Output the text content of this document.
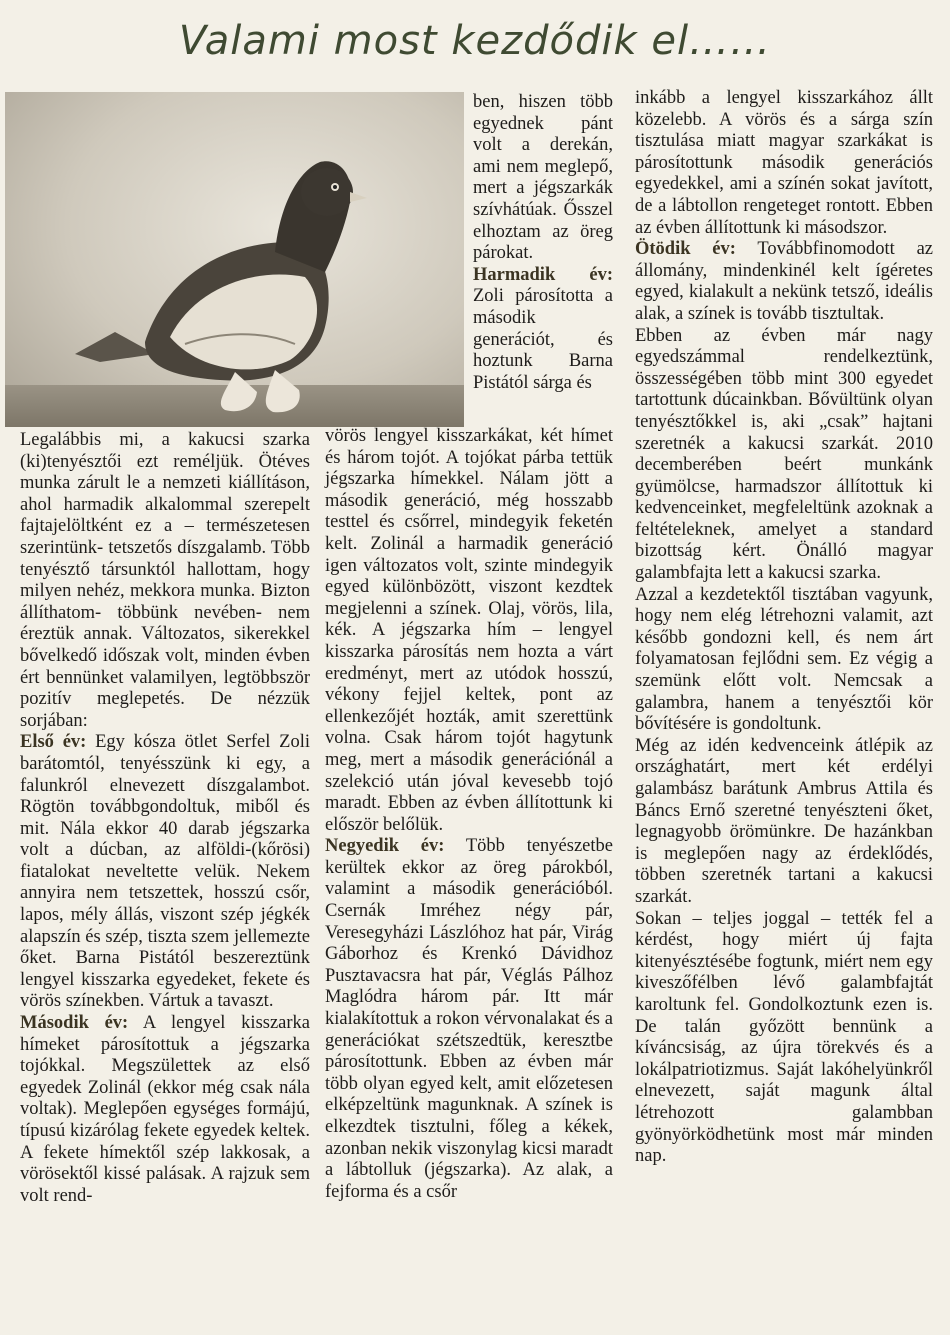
Valami most kezdődik el……

Legalábbis mi, a kakucsi szarka (ki)tenyésztői ezt reméljük. Ötéves munka zárult le a nemzeti kiállításon, ahol harmadik alkalommal szerepelt fajtajelöltként ez a – természetesen szerintünk- tetszetős díszgalamb. Több tenyésztő társunktól hallottam, hogy milyen nehéz, mekkora munka. Bizton állíthatom- többünk nevében- nem éreztük annak. Változatos, sikerekkel bővelkedő időszak volt, minden évben ért bennünket valamilyen, legtöbbször pozitív meglepetés. De nézzük sorjában:

Első év: Egy kósza ötlet Serfel Zoli barátomtól, tenyésszünk ki egy, a falunkról elnevezett díszgalambot. Rögtön továbbgondoltuk, miből és mit. Nála ekkor 40 darab jégszarka volt a dúcban, az alföldi-(kőrösi) fiatalokat neveltette velük. Nekem annyira nem tetszettek, hosszú csőr, lapos, mély állás, viszont szép jégkék alapszín és szép, tiszta szem jellemezte őket. Barna Pistától beszereztünk lengyel kisszarka egyedeket, fekete és vörös színekben. Vártuk a tavaszt.

Második év: A lengyel kisszarka hímeket párosítottuk a jégszarka tojókkal. Megszülettek az első egyedek Zolinál (ekkor még csak nála voltak). Meglepően egységes formájú, típusú kizárólag fekete egyedek keltek. A fekete hímektől szép lakkosak, a vörösektől kissé palásak. A rajzuk sem volt rend-

ben, hiszen több egyednek pánt volt a derekán, ami nem meglepő, mert a jégszarkák szívhátúak. Ősszel elhoztam az öreg párokat.

Harmadik év: Zoli párosította a második generációt, és hoztunk Barna Pistától sárga és

vörös lengyel kisszarkákat, két hímet és három tojót. A tojókat párba tettük jégszarka hímekkel. Nálam jött a második generáció, még hosszabb testtel és csőrrel, mindegyik feketén kelt. Zolinál a harmadik generáció igen változatos volt, szinte mindegyik egyed különbözött, viszont kezdtek megjelenni a színek. Olaj, vörös, lila, kék. A jégszarka hím – lengyel kisszarka párosítás nem hozta a várt eredményt, mert az utódok hosszú, vékony fejjel keltek, pont az ellenkezőjét hozták, amit szerettünk volna. Csak három tojót hagytunk meg, mert a második generációnál a szelekció után jóval kevesebb tojó maradt. Ebben az évben állítottunk ki először belőlük.

Negyedik év: Több tenyészetbe kerültek ekkor az öreg párokból, valamint a második generációból. Csernák Imréhez négy pár, Veresegyházi Lászlóhoz hat pár, Virág Gáborhoz és Krenkó Dávidhoz Pusztavacsra hat pár, Véglás Pálhoz Maglódra három pár. Itt már kialakítottuk a rokon vérvonalakat és a generációkat szétszedtük, keresztbe párosítottunk. Ebben az évben már több olyan egyed kelt, amit előzetesen elképzeltünk magunknak. A színek is elkezdtek tisztulni, főleg a kékek, azonban nekik viszonylag kicsi maradt a lábtolluk (jégszarka). Az alak, a fejforma és a csőr

inkább a lengyel kisszarkához állt közelebb. A vörös és a sárga szín tisztulása miatt magyar szarkákat is párosítottunk második generációs egyedekkel, ami a színén sokat javított, de a lábtollon rengeteget rontott. Ebben az évben állítottunk ki másodszor.

Ötödik év: Továbbfinomodott az állomány, mindenkinél kelt ígéretes egyed, kialakult a nekünk tetsző, ideális alak, a színek is tovább tisztultak.

Ebben az évben már nagy egyedszámmal rendelkeztünk, összességében több mint 300 egyedet tartottunk dúcainkban. Bővültünk olyan tenyésztőkkel is, aki „csak” hajtani szeretnék a kakucsi szarkát. 2010 decemberében beért munkánk gyümölcse, harmadszor állítottuk ki kedvenceinket, megfeleltünk azoknak a feltételeknek, amelyet a standard bizottság kért. Önálló magyar galambfajta lett a kakucsi szarka.

Azzal a kezdetektől tisztában vagyunk, hogy nem elég létrehozni valamit, azt később gondozni kell, és nem árt folyamatosan fejlődni sem. Ez végig a szemünk előtt volt. Nemcsak a galambra, hanem a tenyésztői kör bővítésére is gondoltunk.

Még az idén kedvenceink átlépik az országhatárt, mert két erdélyi galambász barátunk Ambrus Attila és Báncs Ernő szeretné tenyészteni őket, legnagyobb örömünkre. De hazánkban is meglepően nagy az érdeklődés, többen szeretnék tartani a kakucsi szarkát.

Sokan – teljes joggal – tették fel a kérdést, hogy miért új fajta kitenyésztésébe fogtunk, miért nem egy kiveszőfélben lévő galambfajtát karoltunk fel. Gondolkoztunk ezen is. De talán győzött bennünk a kíváncsiság, az újra törekvés és a lokálpatriotizmus. Saját lakóhelyünkről elnevezett, saját magunk által létrehozott galambban gyönyörködhetünk most már minden nap.
